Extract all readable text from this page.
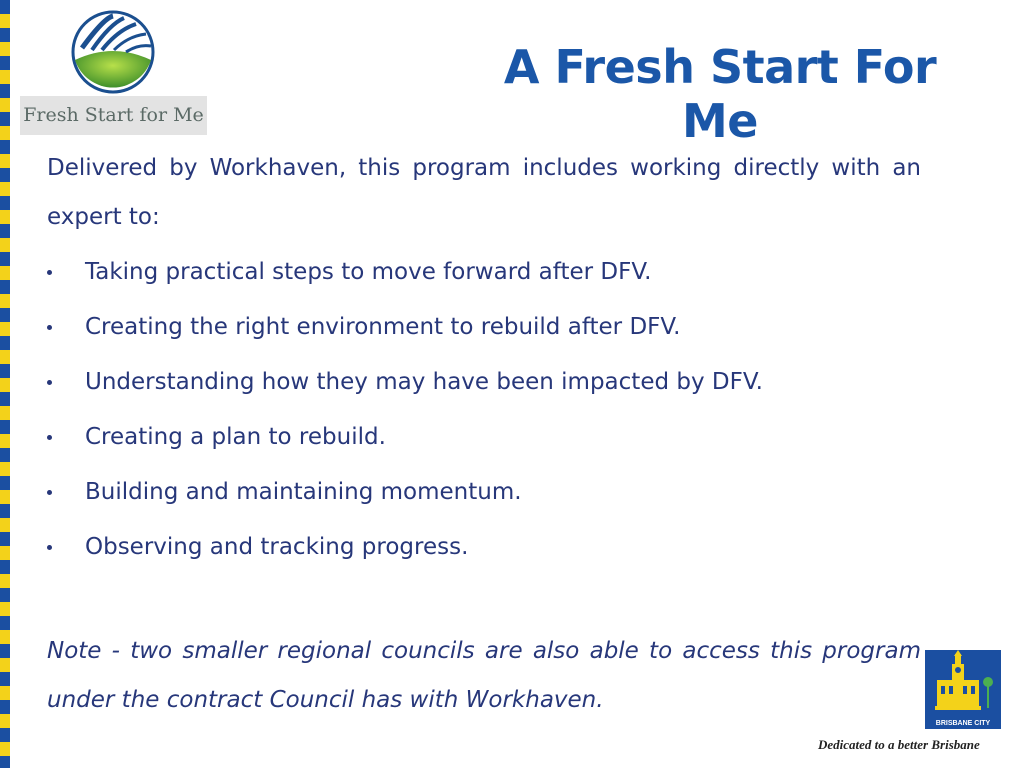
Fresh Start for Me
A Fresh Start For Me

Delivered by Workhaven, this program includes working directly with an expert to:

Taking practical steps to move forward after DFV.
Creating the right environment to rebuild after DFV.
Understanding how they may have been impacted by DFV.
Creating a plan to rebuild.
Building and maintaining momentum.
Observing and tracking progress.

Note - two smaller regional councils are also able to access this program under the contract Council has with Workhaven.

BRISBANE CITY
Dedicated to a better Brisbane
